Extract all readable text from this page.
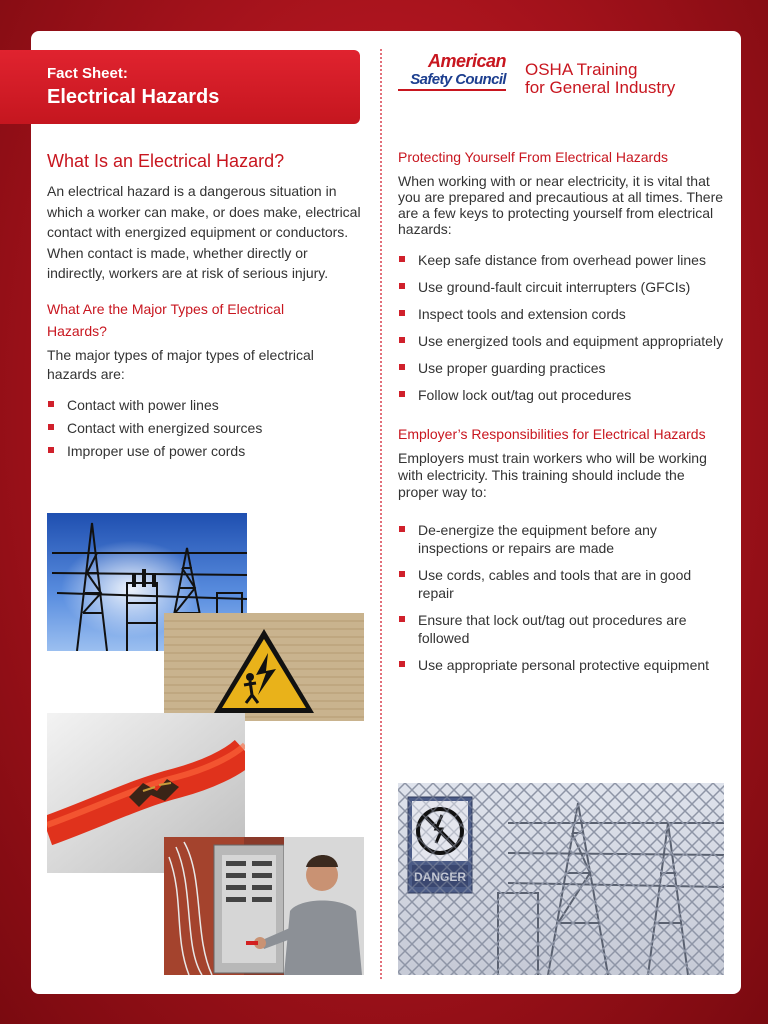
Fact Sheet:
Electrical Hazards
American
Safety Council
OSHA Training
for General Industry
What Is an Electrical Hazard?

An electrical hazard is a dangerous situation in which a worker can make, or does make, electrical contact with energized equipment or conductors. When contact is made, whether directly or indirectly, workers are at risk of serious injury.

What Are the Major Types of Electrical Hazards?

The major types of major types of electrical hazards are:

Contact with power lines
Contact with energized sources
Improper use of power cords
Protecting Yourself From Electrical Hazards

When working with or near electricity, it is vital that you are prepared and precautious at all times. There are a few keys to protecting yourself from electrical hazards:

Keep safe distance from overhead power lines
Use ground-fault circuit interrupters (GFCIs)
Inspect tools and extension cords
Use energized tools and equipment appropriately
Use proper guarding practices
Follow lock out/tag out procedures
Employer’s Responsibilities for Electrical Hazards

Employers must train workers who will be working with electricity. This training should include the proper way to:

De-energize the equipment before any inspections or repairs are made
Use cords, cables and tools that are in good repair
Ensure that lock out/tag out procedures are followed
Use appropriate personal protective equipment
